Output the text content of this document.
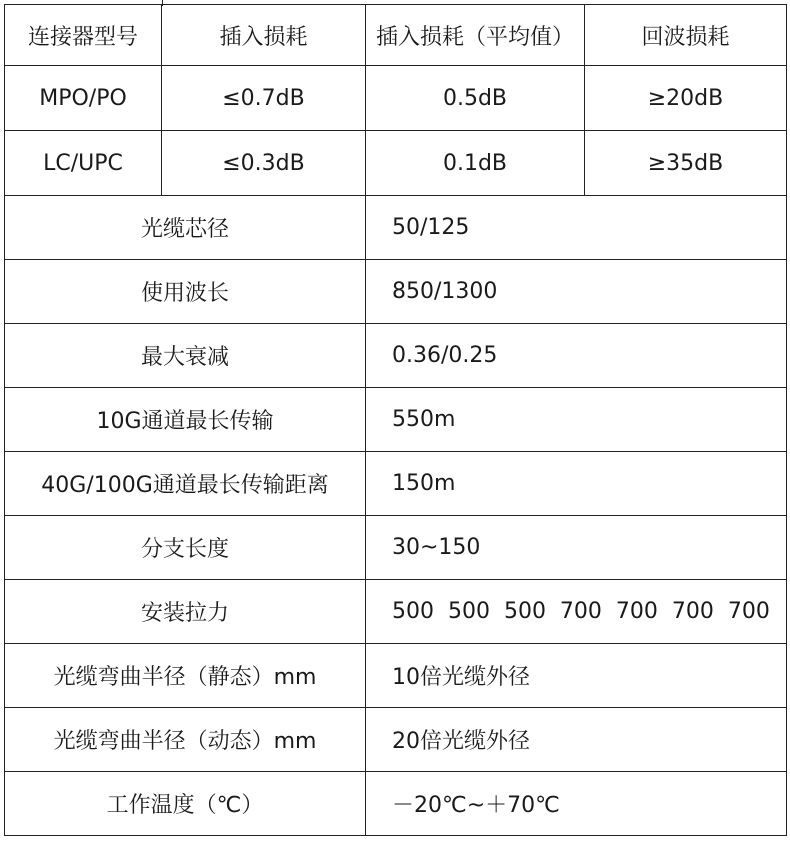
连接器型号	插入损耗	插入损耗（平均值）	回波损耗
MPO/PO	≤0.7dB	0.5dB	≥20dB
LC/UPC	≤0.3dB	0.1dB	≥35dB
光缆芯径		50/125	
使用波长		850/1300	
最大衰减		0.36/0.25	
10G通道最长传输		550m	
40G/100G通道最长传输距离		150m	
分支长度		30~150	
安装拉力		500  500  500  700  700  700  700	
光缆弯曲半径（静态）mm		10倍光缆外径	
光缆弯曲半径（动态）mm		20倍光缆外径	
工作温度（℃）		－20℃~＋70℃	
